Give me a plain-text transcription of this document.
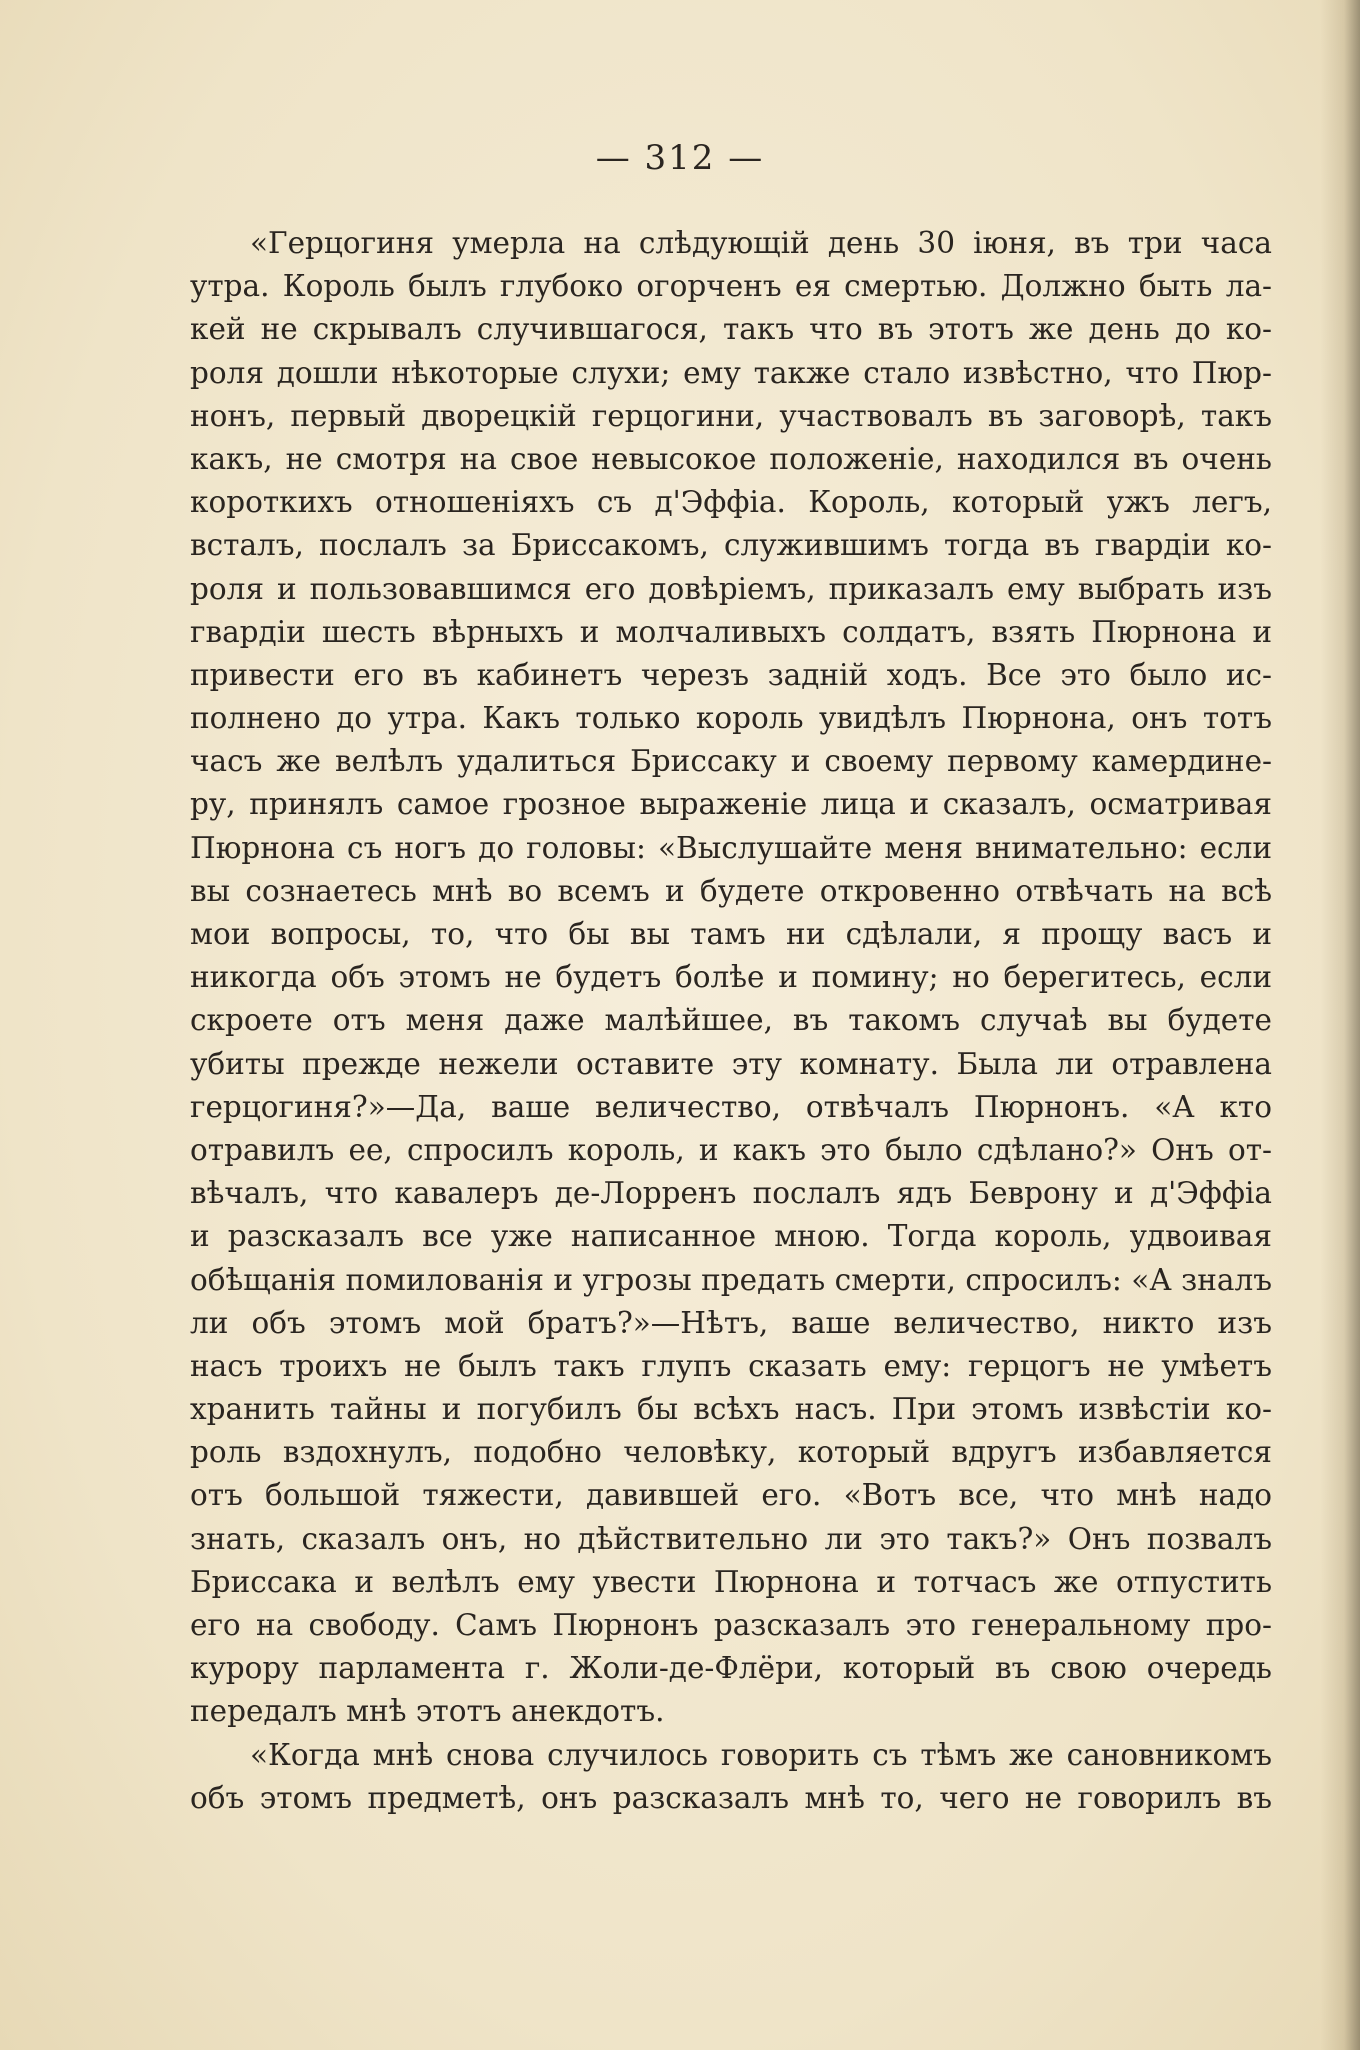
— 312 —
«Герцогиня умерла на слѣдующій день 30 іюня, въ три часа
утра. Король былъ глубоко огорченъ ея смертью. Должно быть ла-
кей не скрывалъ случившагося, такъ что въ этотъ же день до ко-
роля дошли нѣкоторые слухи; ему также стало извѣстно, что Пюр-
нонъ, первый дворецкій герцогини, участвовалъ въ заговорѣ, такъ
какъ, не смотря на свое невысокое положеніе, находился въ очень
короткихъ отношеніяхъ съ д'Эффіа. Король, который ужъ легъ,
всталъ, послалъ за Бриссакомъ, служившимъ тогда въ гвардіи ко-
роля и пользовавшимся его довѣріемъ, приказалъ ему выбрать изъ
гвардіи шесть вѣрныхъ и молчаливыхъ солдатъ, взять Пюрнона и
привести его въ кабинетъ черезъ задній ходъ. Все это было ис-
полнено до утра. Какъ только король увидѣлъ Пюрнона, онъ тотъ
часъ же велѣлъ удалиться Бриссаку и своему первому камердине-
ру, принялъ самое грозное выраженіе лица и сказалъ, осматривая
Пюрнона съ ногъ до головы: «Выслушайте меня внимательно: если
вы сознаетесь мнѣ во всемъ и будете откровенно отвѣчать на всѣ
мои вопросы, то, что бы вы тамъ ни сдѣлали, я прощу васъ и
никогда объ этомъ не будетъ болѣе и помину; но берегитесь, если
скроете отъ меня даже малѣйшее, въ такомъ случаѣ вы будете
убиты прежде нежели оставите эту комнату. Была ли отравлена
герцогиня?»—Да, ваше величество, отвѣчалъ Пюрнонъ. «А кто
отравилъ ее, спросилъ король, и какъ это было сдѣлано?» Онъ от-
вѣчалъ, что кавалеръ де-Лорренъ послалъ ядъ Беврону и д'Эффіа
и разсказалъ все уже написанное мною. Тогда король, удвоивая
обѣщанія помилованія и угрозы предать смерти, спросилъ: «А зналъ
ли объ этомъ мой братъ?»—Нѣтъ, ваше величество, никто изъ
насъ троихъ не былъ такъ глупъ сказать ему: герцогъ не умѣетъ
хранить тайны и погубилъ бы всѣхъ насъ. При этомъ извѣстіи ко-
роль вздохнулъ, подобно человѣку, который вдругъ избавляется
отъ большой тяжести, давившей его. «Вотъ все, что мнѣ надо
знать, сказалъ онъ, но дѣйствительно ли это такъ?» Онъ позвалъ
Бриссака и велѣлъ ему увести Пюрнона и тотчасъ же отпустить
его на свободу. Самъ Пюрнонъ разсказалъ это генеральному про-
курору парламента г. Жоли-де-Флёри, который въ свою очередь
передалъ мнѣ этотъ анекдотъ.
«Когда мнѣ снова случилось говорить съ тѣмъ же сановникомъ
объ этомъ предметѣ, онъ разсказалъ мнѣ то, чего не говорилъ въ
